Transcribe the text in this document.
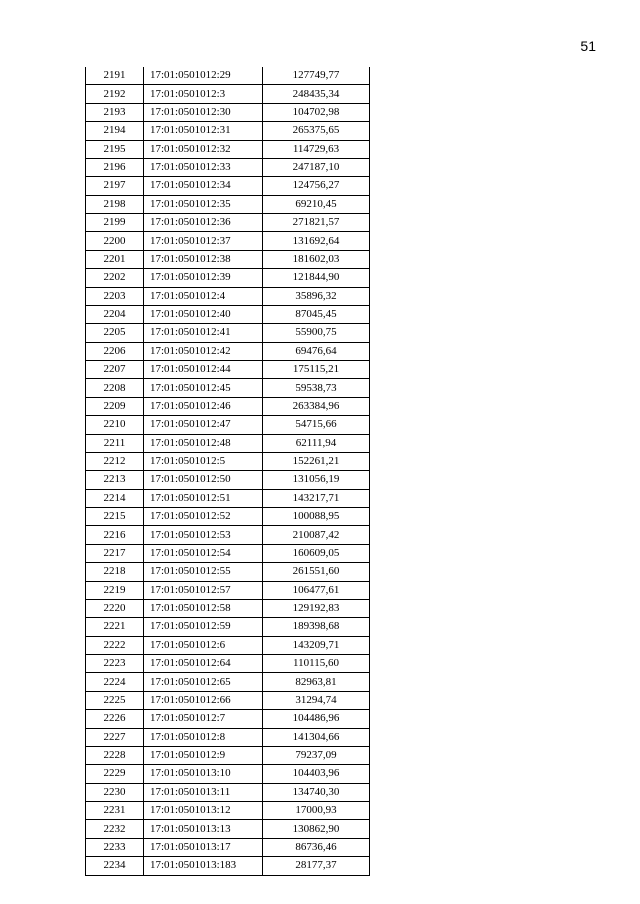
51
2191	17:01:0501012:29	127749,77
2192	17:01:0501012:3	248435,34
2193	17:01:0501012:30	104702,98
2194	17:01:0501012:31	265375,65
2195	17:01:0501012:32	114729,63
2196	17:01:0501012:33	247187,10
2197	17:01:0501012:34	124756,27
2198	17:01:0501012:35	69210,45
2199	17:01:0501012:36	271821,57
2200	17:01:0501012:37	131692,64
2201	17:01:0501012:38	181602,03
2202	17:01:0501012:39	121844,90
2203	17:01:0501012:4	35896,32
2204	17:01:0501012:40	87045,45
2205	17:01:0501012:41	55900,75
2206	17:01:0501012:42	69476,64
2207	17:01:0501012:44	175115,21
2208	17:01:0501012:45	59538,73
2209	17:01:0501012:46	263384,96
2210	17:01:0501012:47	54715,66
2211	17:01:0501012:48	62111,94
2212	17:01:0501012:5	152261,21
2213	17:01:0501012:50	131056,19
2214	17:01:0501012:51	143217,71
2215	17:01:0501012:52	100088,95
2216	17:01:0501012:53	210087,42
2217	17:01:0501012:54	160609,05
2218	17:01:0501012:55	261551,60
2219	17:01:0501012:57	106477,61
2220	17:01:0501012:58	129192,83
2221	17:01:0501012:59	189398,68
2222	17:01:0501012:6	143209,71
2223	17:01:0501012:64	110115,60
2224	17:01:0501012:65	82963,81
2225	17:01:0501012:66	31294,74
2226	17:01:0501012:7	104486,96
2227	17:01:0501012:8	141304,66
2228	17:01:0501012:9	79237,09
2229	17:01:0501013:10	104403,96
2230	17:01:0501013:11	134740,30
2231	17:01:0501013:12	17000,93
2232	17:01:0501013:13	130862,90
2233	17:01:0501013:17	86736,46
2234	17:01:0501013:183	28177,37
